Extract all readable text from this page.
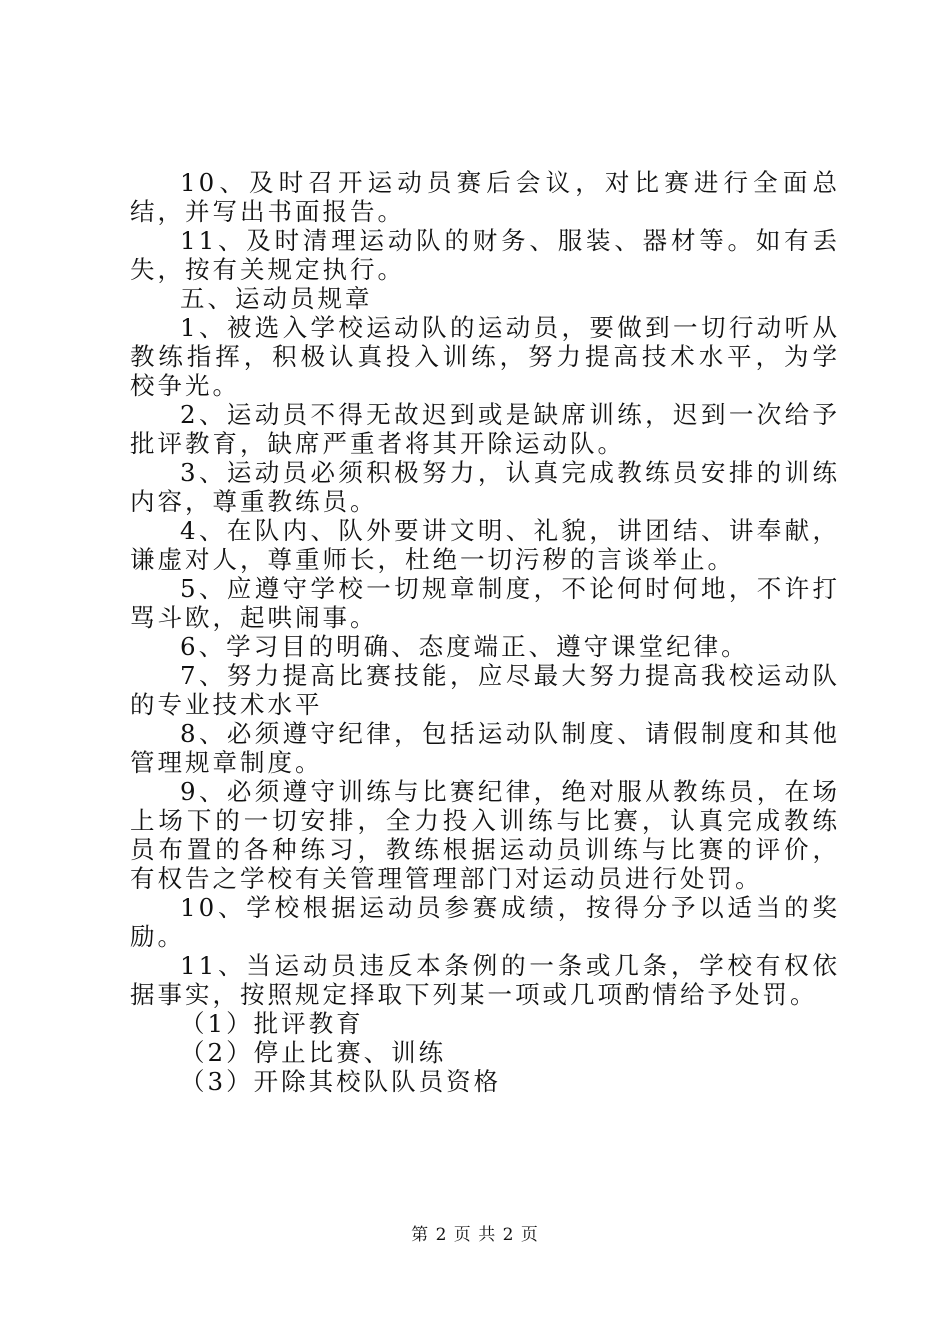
10、及时召开运动员赛后会议，对比赛进行全面总结，并写出书面报告。

11、及时清理运动队的财务、服装、器材等。如有丢失，按有关规定执行。

五、运动员规章

1、被选入学校运动队的运动员，要做到一切行动听从教练指挥，积极认真投入训练，努力提高技术水平，为学校争光。

2、运动员不得无故迟到或是缺席训练，迟到一次给予批评教育，缺席严重者将其开除运动队。

3、运动员必须积极努力，认真完成教练员安排的训练内容，尊重教练员。

4、在队内、队外要讲文明、礼貌，讲团结、讲奉献，谦虚对人，尊重师长，杜绝一切污秽的言谈举止。

5、应遵守学校一切规章制度，不论何时何地，不许打骂斗欧，起哄闹事。

6、学习目的明确、态度端正、遵守课堂纪律。

7、努力提高比赛技能，应尽最大努力提高我校运动队的专业技术水平

8、必须遵守纪律，包括运动队制度、请假制度和其他管理规章制度。

9、必须遵守训练与比赛纪律，绝对服从教练员，在场上场下的一切安排，全力投入训练与比赛，认真完成教练员布置的各种练习，教练根据运动员训练与比赛的评价，有权告之学校有关管理管理部门对运动员进行处罚。

10、学校根据运动员参赛成绩，按得分予以适当的奖励。

11、当运动员违反本条例的一条或几条，学校有权依据事实，按照规定择取下列某一项或几项酌情给予处罚。

（1）批评教育

（2）停止比赛、训练

（3）开除其校队队员资格

第 2 页 共 2 页
